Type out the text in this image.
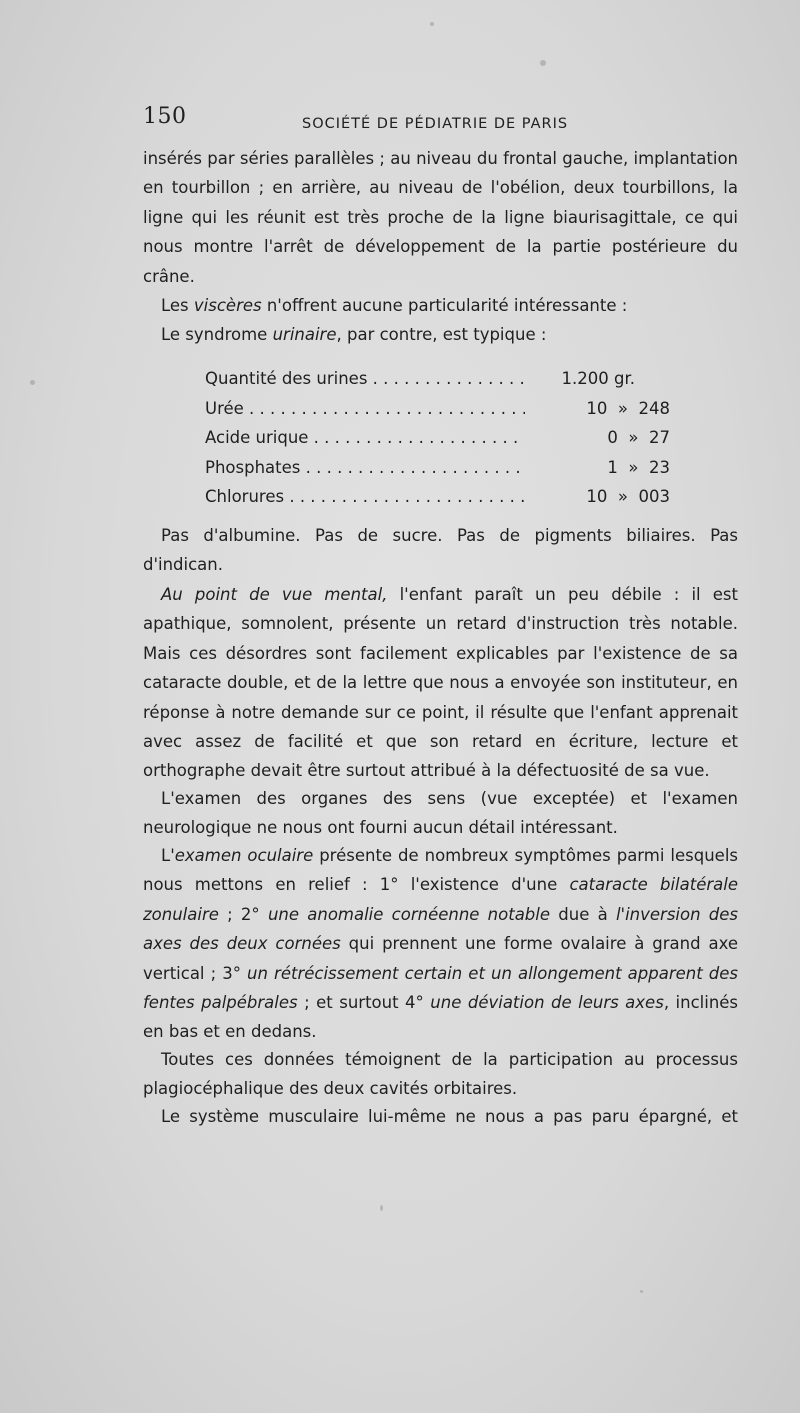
150	SOCIÉTÉ DE PÉDIATRIE DE PARIS

insérés par séries parallèles ; au niveau du frontal gauche, implantation en tourbillon ; en arrière, au niveau de l'obélion, deux tourbillons, la ligne qui les réunit est très proche de la ligne biaurisagittale, ce qui nous montre l'arrêt de développement de la partie postérieure du crâne.

Les viscères n'offrent aucune particularité intéressante :

Le syndrome urinaire, par contre, est typique :

Quantité des urines . . .	1.200 gr.
Urée . . .	10  »  248
Acide urique . . .	0  »  27
Phosphates . . .	1  »  23
Chlorures . . .	10  »  003

Pas d'albumine. Pas de sucre. Pas de pigments biliaires. Pas d'indican.

Au point de vue mental, l'enfant paraît un peu débile : il est apathique, somnolent, présente un retard d'instruction très notable. Mais ces désordres sont facilement explicables par l'existence de sa cataracte double, et de la lettre que nous a envoyée son instituteur, en réponse à notre demande sur ce point, il résulte que l'enfant apprenait avec assez de facilité et que son retard en écriture, lecture et orthographe devait être surtout attribué à la défectuosité de sa vue.

L'examen des organes des sens (vue exceptée) et l'examen neurologique ne nous ont fourni aucun détail intéressant.

L'examen oculaire présente de nombreux symptômes parmi lesquels nous mettons en relief : 1° l'existence d'une cataracte bilatérale zonulaire ; 2° une anomalie cornéenne notable due à l'inversion des axes des deux cornées qui prennent une forme ovalaire à grand axe vertical ; 3° un rétrécissement certain et un allongement apparent des fentes palpébrales ; et surtout 4° une déviation de leurs axes, inclinés en bas et en dedans.

Toutes ces données témoignent de la participation au processus plagiocéphalique des deux cavités orbitaires.

Le système musculaire lui-même ne nous a pas paru épargné, et
